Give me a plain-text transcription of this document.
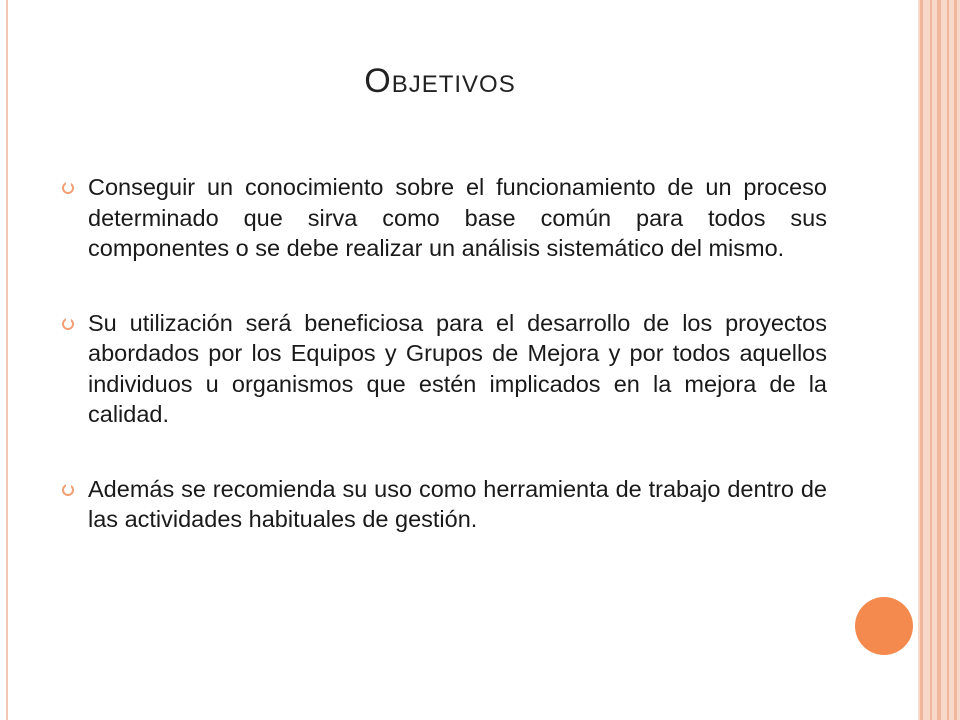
Objetivos
Conseguir un conocimiento sobre el funcionamiento de un proceso determinado que sirva como base común para todos sus componentes o se debe realizar un análisis sistemático del mismo.
Su utilización será beneficiosa para el desarrollo de los proyectos abordados por los Equipos y Grupos de Mejora y por todos aquellos individuos u organismos que estén implicados en la mejora de la calidad.
Además se recomienda su uso como herramienta de trabajo dentro de las actividades habituales de gestión.
